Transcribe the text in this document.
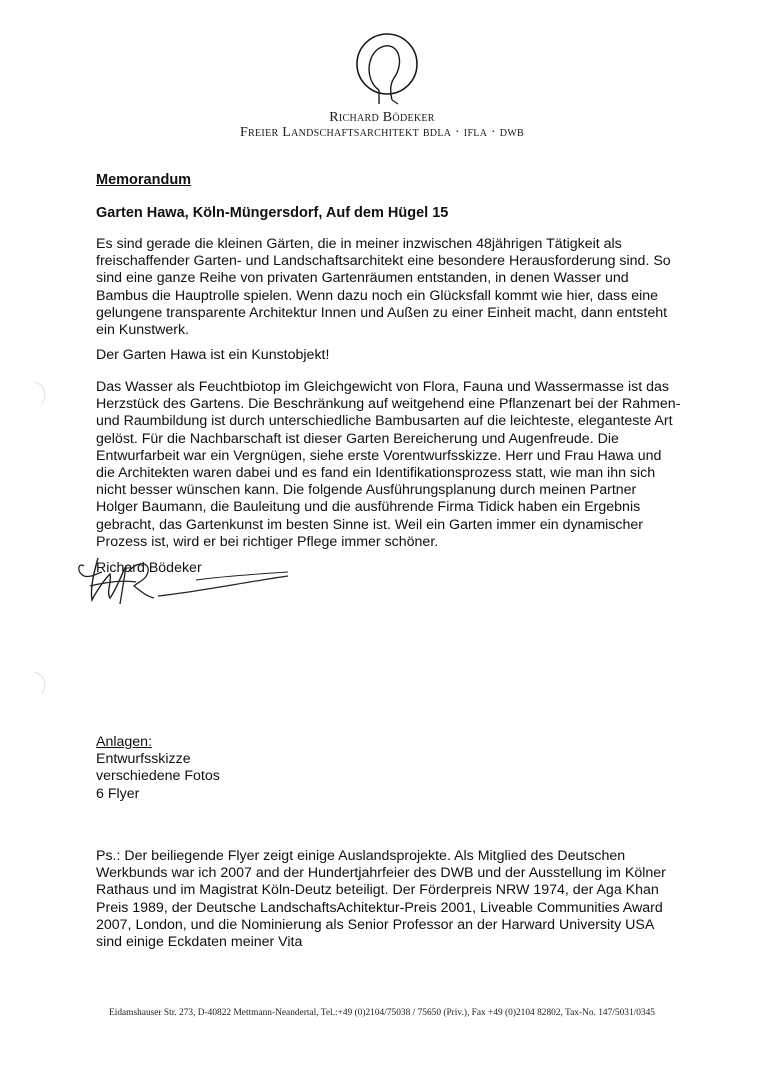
Richard Bödeker
Freier Landschaftsarchitekt bdla · ifla · dwb
Memorandum
Garten Hawa, Köln-Müngersdorf, Auf dem Hügel 15
Es sind gerade die kleinen Gärten, die in meiner inzwischen 48jährigen Tätigkeit als
freischaffender Garten- und Landschaftsarchitekt eine besondere Herausforderung sind. So
sind eine ganze Reihe von privaten Gartenräumen entstanden, in denen Wasser und
Bambus die Hauptrolle spielen. Wenn dazu noch ein Glücksfall kommt wie hier, dass eine
gelungene transparente Architektur Innen und Außen zu einer Einheit macht, dann entsteht
ein Kunstwerk.
Der Garten Hawa ist ein Kunstobjekt!
Das Wasser als Feuchtbiotop im Gleichgewicht von Flora, Fauna und Wassermasse ist das
Herzstück des Gartens. Die Beschränkung auf weitgehend eine Pflanzenart bei der Rahmen-
und Raumbildung ist durch unterschiedliche Bambusarten auf die leichteste, eleganteste Art
gelöst. Für die Nachbarschaft ist dieser Garten Bereicherung und Augenfreude. Die
Entwurfarbeit war ein Vergnügen, siehe erste Vorentwurfsskizze. Herr und Frau Hawa und
die Architekten waren dabei und es fand ein Identifikationsprozess statt, wie man ihn sich
nicht besser wünschen kann. Die folgende Ausführungsplanung durch meinen Partner
Holger Baumann, die Bauleitung und die ausführende Firma Tidick haben ein Ergebnis
gebracht, das Gartenkunst im besten Sinne ist. Weil ein Garten immer ein dynamischer
Prozess ist, wird er bei richtiger Pflege immer schöner.
Richard Bödeker
Anlagen:
Entwurfsskizze
verschiedene Fotos
6 Flyer
Ps.: Der beiliegende Flyer zeigt einige Auslandsprojekte. Als Mitglied des Deutschen
Werkbunds war ich 2007 and der Hundertjahrfeier des DWB und der Ausstellung im Kölner
Rathaus und im Magistrat Köln-Deutz beteiligt. Der Förderpreis NRW 1974, der Aga Khan
Preis 1989, der Deutsche LandschaftsAchitektur-Preis 2001, Liveable Communities Award
2007, London, und die Nominierung als Senior Professor an der Harward University USA
sind einige Eckdaten meiner Vita
Eidamshauser Str. 273, D-40822 Mettmann-Neandertal, Tel.:+49 (0)2104/75038 / 75650 (Priv.), Fax +49 (0)2104 82802, Tax-No. 147/5031/0345
